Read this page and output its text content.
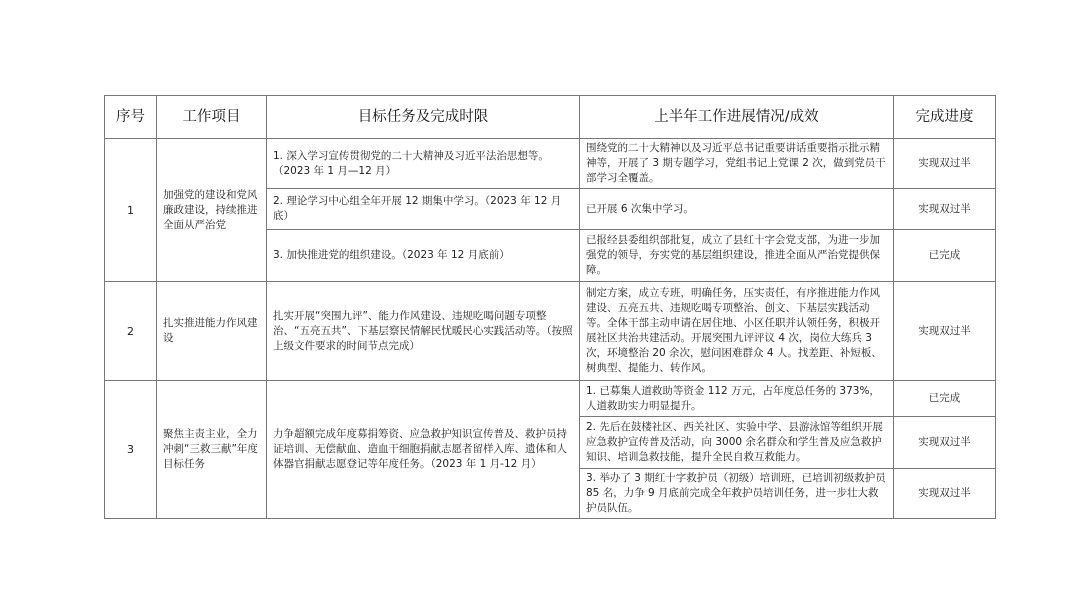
序号	工作项目	目标任务及完成时限	上半年工作进展情况/成效	完成进度
1	加强党的建设和党风廉政建设，持续推进全面从严治党	1. 深入学习宣传贯彻党的二十大精神及习近平法治思想等。（2023 年 1 月—12 月）	围绕党的二十大精神以及习近平总书记重要讲话重要指示批示精神等，开展了 3 期专题学习，党组书记上党课 2 次，做到党员干部学习全覆盖。	实现双过半
		2. 理论学习中心组全年开展 12 期集中学习。（2023 年 12 月底）	已开展 6 次集中学习。	实现双过半
		3. 加快推进党的组织建设。（2023 年 12 月底前）	已报经县委组织部批复，成立了县红十字会党支部，为进一步加强党的领导，夯实党的基层组织建设，推进全面从严治党提供保障。	已完成
2	扎实推进能力作风建设	扎实开展“突围九评”、能力作风建设、违规吃喝问题专项整治、“五亮五共”、下基层察民情解民忧暖民心实践活动等。（按照上级文件要求的时间节点完成）	制定方案，成立专班，明确任务，压实责任，有序推进能力作风建设、五亮五共、违规吃喝专项整治、创文、下基层实践活动等。全体干部主动申请在居住地、小区任职并认领任务，积极开展社区共治共建活动。开展突围九评评议 4 次，岗位大练兵 3 次，环境整治 20 余次，慰问困难群众 4 人。找差距、补短板、树典型、提能力、转作风。	实现双过半
3	聚焦主责主业，全力冲刺“三救三献”年度目标任务	力争超额完成年度募捐筹资、应急救护知识宣传普及、救护员持证培训、无偿献血、造血干细胞捐献志愿者留样入库、遗体和人体器官捐献志愿登记等年度任务。（2023 年 1 月-12 月）	1. 已募集人道救助等资金 112 万元，占年度总任务的 373%，人道救助实力明显提升。	已完成
			2. 先后在鼓楼社区、西关社区、实验中学、县游泳馆等组织开展应急救护宣传普及活动，向 3000 余名群众和学生普及应急救护知识、培训急救技能，提升全民自救互救能力。	实现双过半
			3. 举办了 3 期红十字救护员（初级）培训班，已培训初级救护员 85 名，力争 9 月底前完成全年救护员培训任务，进一步壮大救护员队伍。	实现双过半
